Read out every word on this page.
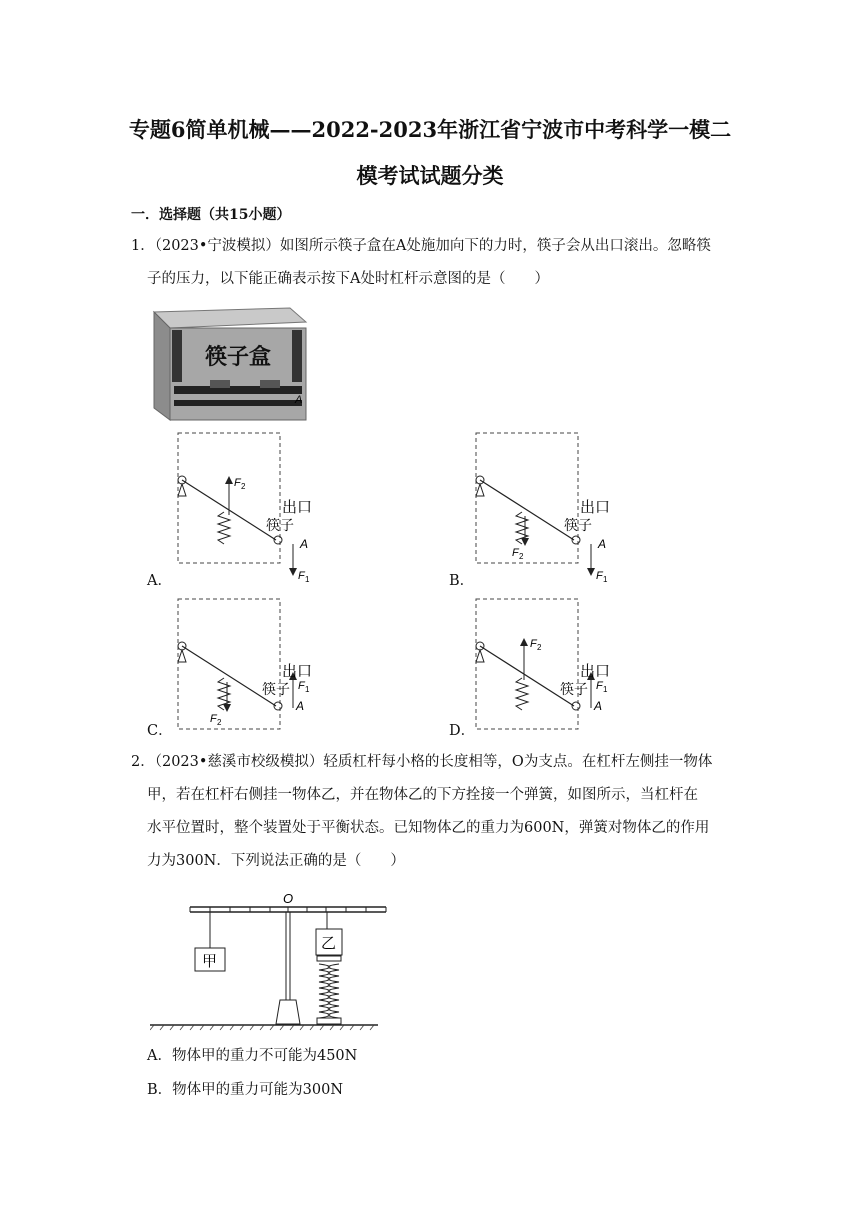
专题6简单机械——2022-2023年浙江省宁波市中考科学一模二
模考试试题分类
一．选择题（共15小题）
1．（2023•宁波模拟）如图所示筷子盒在A处施加向下的力时，筷子会从出口滚出。忽略筷
子的压力，以下能正确表示按下A处时杠杆示意图的是（　　）
筷子盒
A
F 2
F 1
出口
筷子
A
A．
F 2
F 1
出口
筷子
A
B．
F 2
F 1
出口
筷子
A
C．
F 2
F 1
出口
筷子
A
D．
2．（2023•慈溪市校级模拟）轻质杠杆每小格的长度相等，O为支点。在杠杆左侧挂一物体
甲，若在杠杆右侧挂一物体乙，并在物体乙的下方拴接一个弹簧，如图所示，当杠杆在
水平位置时，整个装置处于平衡状态。已知物体乙的重力为600N，弹簧对物体乙的作用
力为300N．下列说法正确的是（　　）
O
甲
乙
A．物体甲的重力不可能为450N
B．物体甲的重力可能为300N
